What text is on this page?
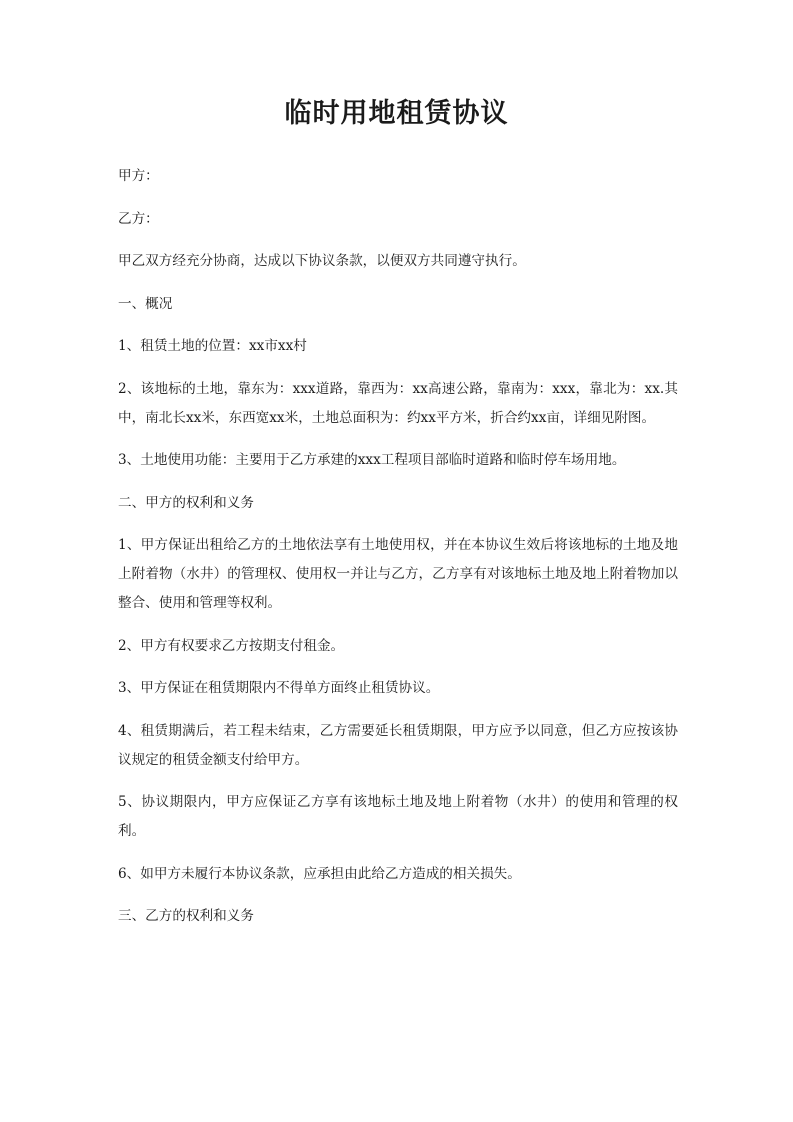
临时用地租赁协议

甲方：

乙方：

甲乙双方经充分协商，达成以下协议条款，以便双方共同遵守执行。

一、概况

1、租赁土地的位置：xx市xx村

2、该地标的土地，靠东为：xxx道路，靠西为：xx高速公路，靠南为：xxx，靠北为：xx.其中，南北长xx米，东西宽xx米，土地总面积为：约xx平方米，折合约xx亩，详细见附图。

3、土地使用功能：主要用于乙方承建的xxx工程项目部临时道路和临时停车场用地。

二、甲方的权利和义务

1、甲方保证出租给乙方的土地依法享有土地使用权，并在本协议生效后将该地标的土地及地上附着物（水井）的管理权、使用权一并让与乙方，乙方享有对该地标土地及地上附着物加以整合、使用和管理等权利。

2、甲方有权要求乙方按期支付租金。

3、甲方保证在租赁期限内不得单方面终止租赁协议。

4、租赁期满后，若工程未结束，乙方需要延长租赁期限，甲方应予以同意，但乙方应按该协议规定的租赁金额支付给甲方。

5、协议期限内，甲方应保证乙方享有该地标土地及地上附着物（水井）的使用和管理的权利。

6、如甲方未履行本协议条款，应承担由此给乙方造成的相关损失。

三、乙方的权利和义务
